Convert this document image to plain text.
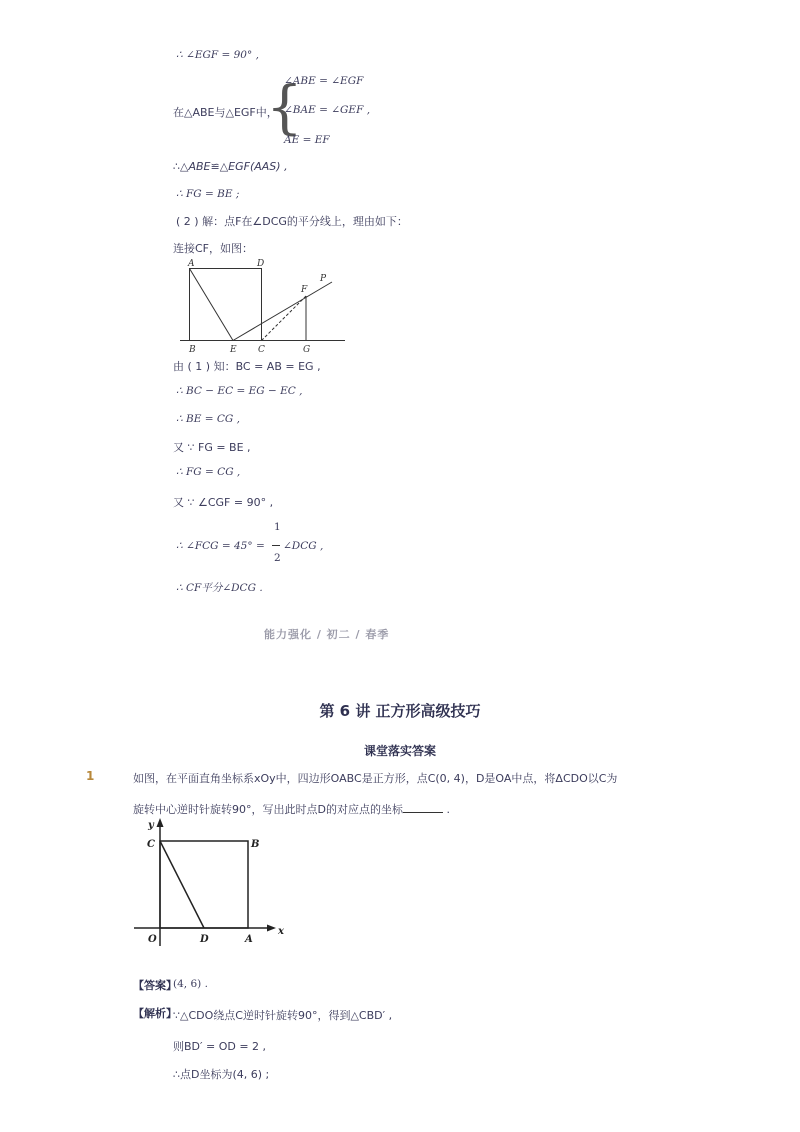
∴ ∠EGF = 90° ,
在△ABE与△EGF中，
{
∠ABE = ∠EGF
∠BAE = ∠GEF ,
AE = EF
∴△ABE≌△EGF(AAS) ,
∴ FG = BE ;
( 2 ) 解：点F在∠DCG的平分线上，理由如下：
连接CF，如图：
A	D
B	E C	G
F
P
由 ( 1 ) 知：BC = AB = EG ,
∴ BC − EC = EG − EC ,
∴ BE = CG ,
又 ∵ FG = BE ,
∴ FG = CG ,
又 ∵ ∠CGF = 90° ,
∴ ∠FCG = 45° =
1
2
∠DCG ,
∴ CF平分∠DCG .
能力强化 / 初二 / 春季
第 6 讲 正方形高级技巧
课堂落实答案
1	如图，在平面直角坐标系xOy中，四边形OABC是正方形，点C(0, 4)，D是OA中点，将ΔCDO以C为
旋转中心逆时针旋转90°，写出此时点D的对应点的坐标	.
y
x
C	B
O	D	A
【答案】
(4, 6) .
【解析】
∵△CDO绕点C逆时针旋转90°，得到△CBD′ ,
则BD′ = OD = 2 ,
∴点D坐标为(4, 6) ;
